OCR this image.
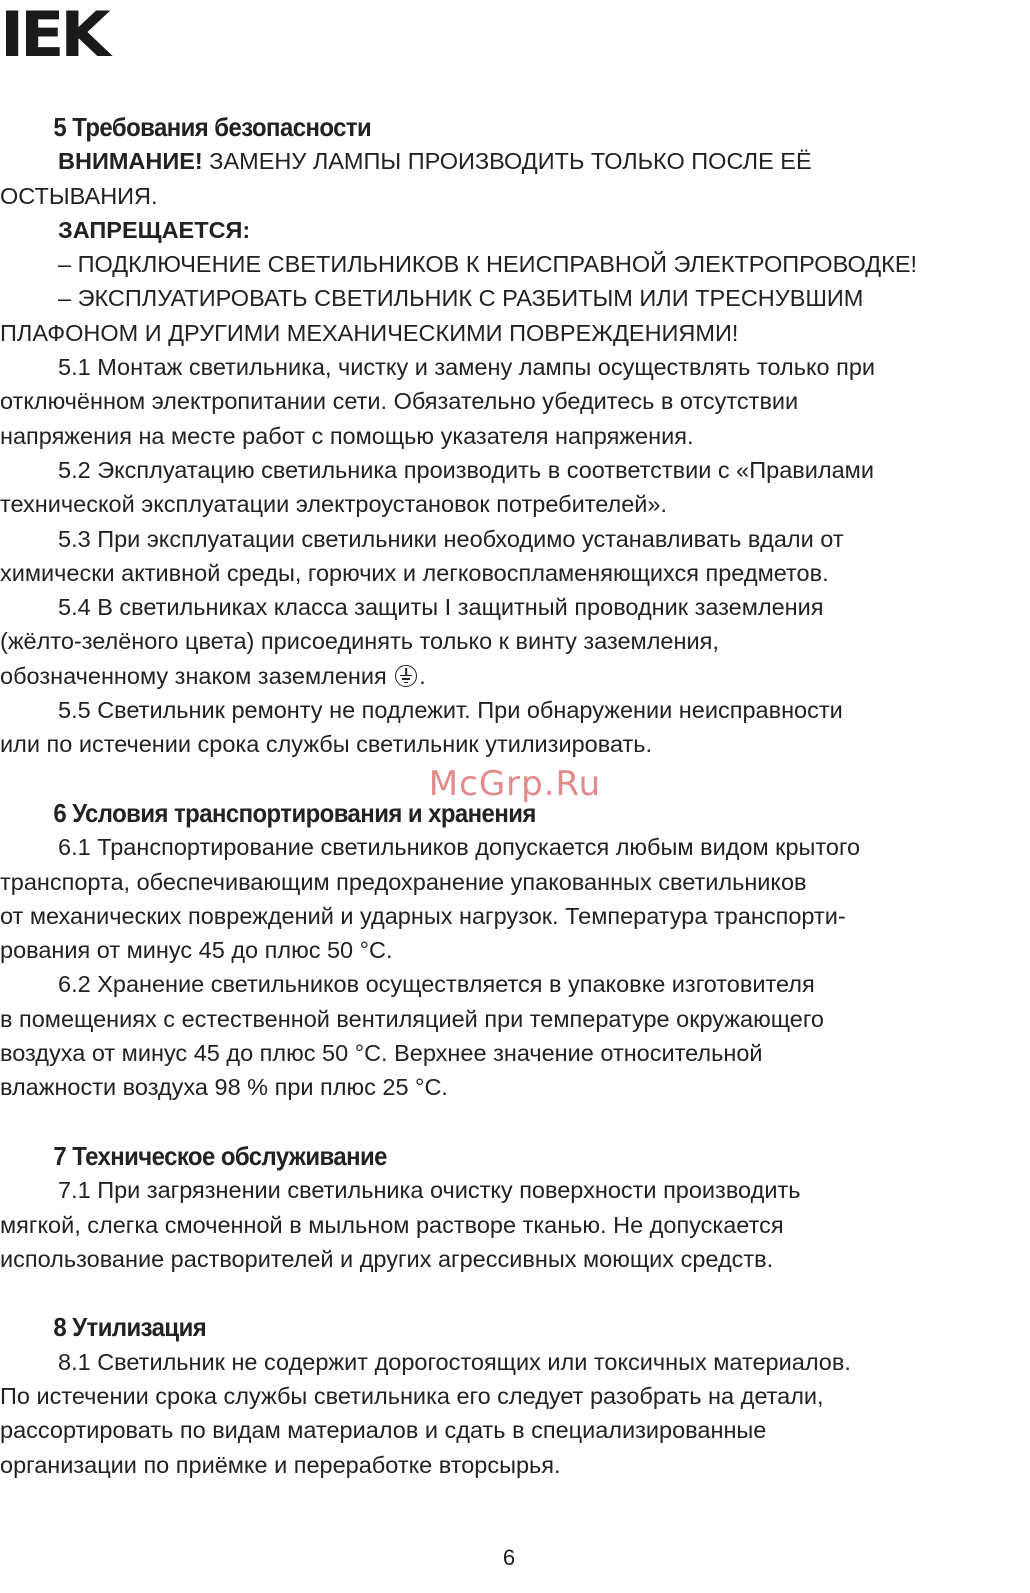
IEK
5 Требования безопасности
ВНИМАНИЕ! ЗАМЕНУ ЛАМПЫ ПРОИЗВОДИТЬ ТОЛЬКО ПОСЛЕ ЕЁ
ОСТЫВАНИЯ.
ЗАПРЕЩАЕТСЯ:
– ПОДКЛЮЧЕНИЕ СВЕТИЛЬНИКОВ К НЕИСПРАВНОЙ ЭЛЕКТРОПРОВОДКЕ!
– ЭКСПЛУАТИРОВАТЬ СВЕТИЛЬНИК С РАЗБИТЫМ ИЛИ ТРЕСНУВШИМ
ПЛАФОНОМ И ДРУГИМИ МЕХАНИЧЕСКИМИ ПОВРЕЖДЕНИЯМИ!
5.1 Монтаж светильника, чистку и замену лампы осуществлять только при
отключённом электропитании сети. Обязательно убедитесь в отсутствии
напряжения на месте работ с помощью указателя напряжения.
5.2 Эксплуатацию светильника производить в соответствии с «Правилами
технической эксплуатации электроустановок потребителей».
5.3 При эксплуатации светильники необходимо устанавливать вдали от
химически активной среды, горючих и легковоспламеняющихся предметов.
5.4 В светильниках класса защиты I защитный проводник заземления
(жёлто-зелёного цвета) присоединять только к винту заземления,
обозначенному знаком заземления
.
5.5 Светильник ремонту не подлежит. При обнаружении неисправности
или по истечении срока службы светильник утилизировать.
6 Условия транспортирования и хранения
6.1 Транспортирование светильников допускается любым видом крытого
транспорта, обеспечивающим предохранение упакованных светильников
от механических повреждений и ударных нагрузок. Температура транспорти-
рования от минус 45 до плюс 50 °С.
6.2 Хранение светильников осуществляется в упаковке изготовителя
в помещениях с естественной вентиляцией при температуре окружающего
воздуха от минус 45 до плюс 50 °С. Верхнее значение относительной
влажности воздуха 98 % при плюс 25 °С.
7 Техническое обслуживание
7.1 При загрязнении светильника очистку поверхности производить
мягкой, слегка смоченной в мыльном растворе тканью. Не допускается
использование растворителей и других агрессивных моющих средств.
8 Утилизация
8.1 Светильник не содержит дорогостоящих или токсичных материалов.
По истечении срока службы светильника его следует разобрать на детали,
рассортировать по видам материалов и сдать в специализированные
организации по приёмке и переработке вторсырья.
McGrp.Ru
6
